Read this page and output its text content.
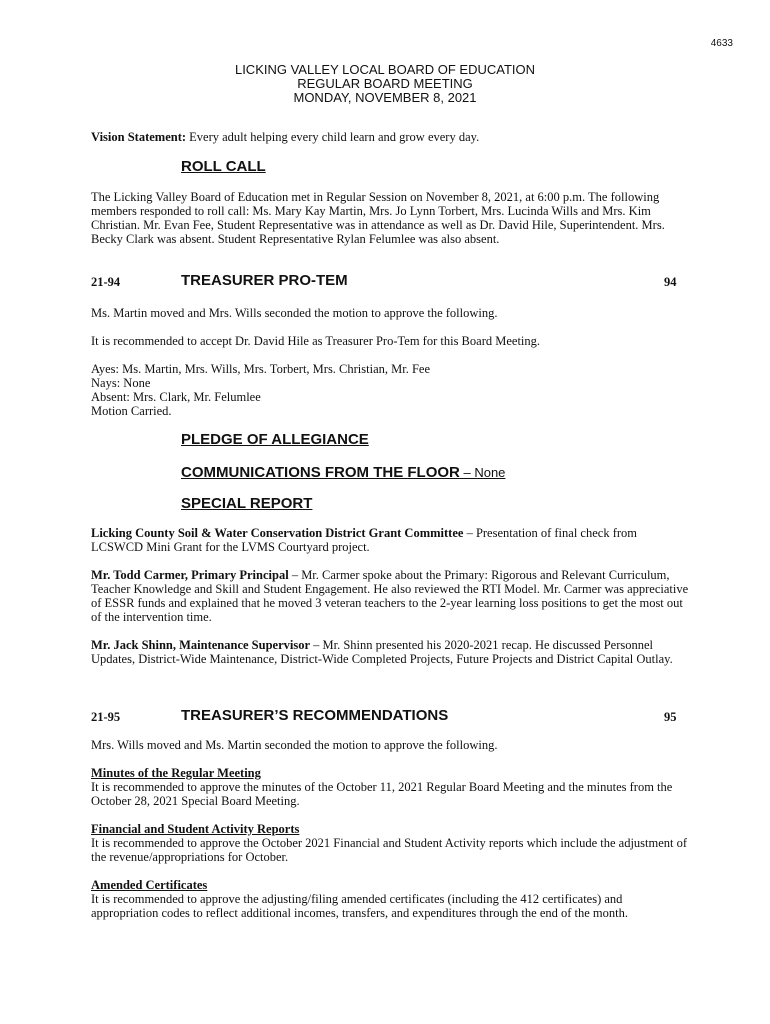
4633
LICKING VALLEY LOCAL BOARD OF EDUCATION
REGULAR BOARD MEETING
MONDAY, NOVEMBER 8, 2021
Vision Statement: Every adult helping every child learn and grow every day.
ROLL CALL
The Licking Valley Board of Education met in Regular Session on November 8, 2021, at 6:00 p.m. The following members responded to roll call: Ms. Mary Kay Martin, Mrs. Jo Lynn Torbert, Mrs. Lucinda Wills and Mrs. Kim Christian. Mr. Evan Fee, Student Representative was in attendance as well as Dr. David Hile, Superintendent. Mrs. Becky Clark was absent. Student Representative Rylan Felumlee was also absent.
21-94	TREASURER PRO-TEM	94
Ms. Martin moved and Mrs. Wills seconded the motion to approve the following.
It is recommended to accept Dr. David Hile as Treasurer Pro-Tem for this Board Meeting.
Ayes: Ms. Martin, Mrs. Wills, Mrs. Torbert, Mrs. Christian, Mr. Fee
Nays: None
Absent: Mrs. Clark, Mr. Felumlee
Motion Carried.
PLEDGE OF ALLEGIANCE
COMMUNICATIONS FROM THE FLOOR – None
SPECIAL REPORT
Licking County Soil & Water Conservation District Grant Committee – Presentation of final check from LCSWCD Mini Grant for the LVMS Courtyard project.
Mr. Todd Carmer, Primary Principal – Mr. Carmer spoke about the Primary: Rigorous and Relevant Curriculum, Teacher Knowledge and Skill and Student Engagement. He also reviewed the RTI Model. Mr. Carmer was appreciative of ESSR funds and explained that he moved 3 veteran teachers to the 2-year learning loss positions to get the most out of the intervention time.
Mr. Jack Shinn, Maintenance Supervisor – Mr. Shinn presented his 2020-2021 recap. He discussed Personnel Updates, District-Wide Maintenance, District-Wide Completed Projects, Future Projects and District Capital Outlay.
21-95	TREASURER’S RECOMMENDATIONS	95
Mrs. Wills moved and Ms. Martin seconded the motion to approve the following.
Minutes of the Regular Meeting
It is recommended to approve the minutes of the October 11, 2021 Regular Board Meeting and the minutes from the October 28, 2021 Special Board Meeting.
Financial and Student Activity Reports
It is recommended to approve the October 2021 Financial and Student Activity reports which include the adjustment of the revenue/appropriations for October.
Amended Certificates
It is recommended to approve the adjusting/filing amended certificates (including the 412 certificates) and appropriation codes to reflect additional incomes, transfers, and expenditures through the end of the month.
